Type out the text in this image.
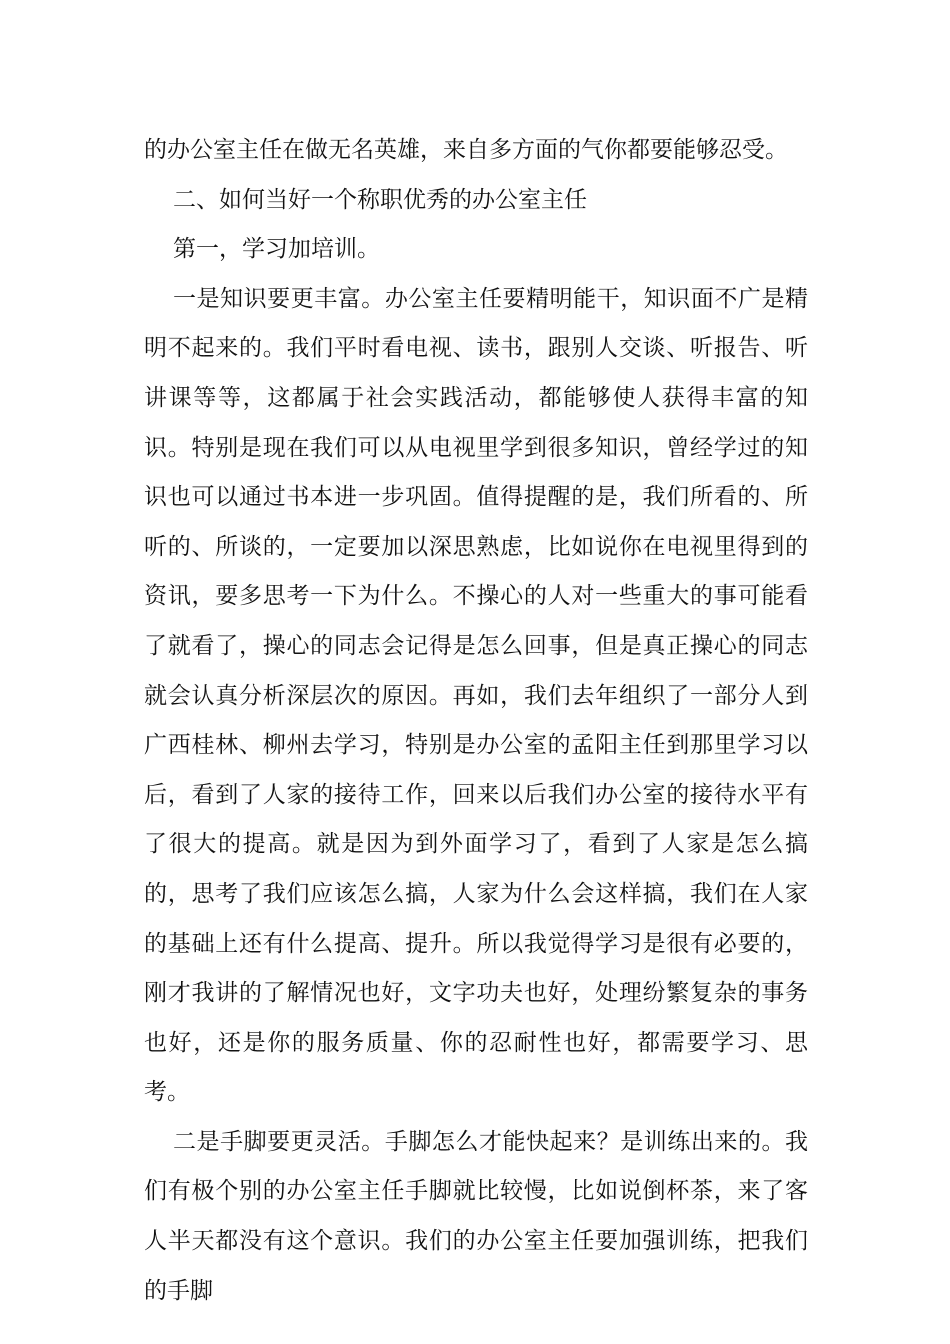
的办公室主任在做无名英雄，来自多方面的气你都要能够忍受。

二、如何当好一个称职优秀的办公室主任

第一，学习加培训。

一是知识要更丰富。办公室主任要精明能干，知识面不广是精明不起来的。我们平时看电视、读书，跟别人交谈、听报告、听讲课等等，这都属于社会实践活动，都能够使人获得丰富的知识。特别是现在我们可以从电视里学到很多知识，曾经学过的知识也可以通过书本进一步巩固。值得提醒的是，我们所看的、所听的、所谈的，一定要加以深思熟虑，比如说你在电视里得到的资讯，要多思考一下为什么。不操心的人对一些重大的事可能看了就看了，操心的同志会记得是怎么回事，但是真正操心的同志就会认真分析深层次的原因。再如，我们去年组织了一部分人到广西桂林、柳州去学习，特别是办公室的孟阳主任到那里学习以后，看到了人家的接待工作，回来以后我们办公室的接待水平有了很大的提高。就是因为到外面学习了，看到了人家是怎么搞的，思考了我们应该怎么搞，人家为什么会这样搞，我们在人家的基础上还有什么提高、提升。所以我觉得学习是很有必要的，刚才我讲的了解情况也好，文字功夫也好，处理纷繁复杂的事务也好，还是你的服务质量、你的忍耐性也好，都需要学习、思考。

二是手脚要更灵活。手脚怎么才能快起来？是训练出来的。我们有极个别的办公室主任手脚就比较慢，比如说倒杯茶，来了客人半天都没有这个意识。我们的办公室主任要加强训练，把我们的手脚
